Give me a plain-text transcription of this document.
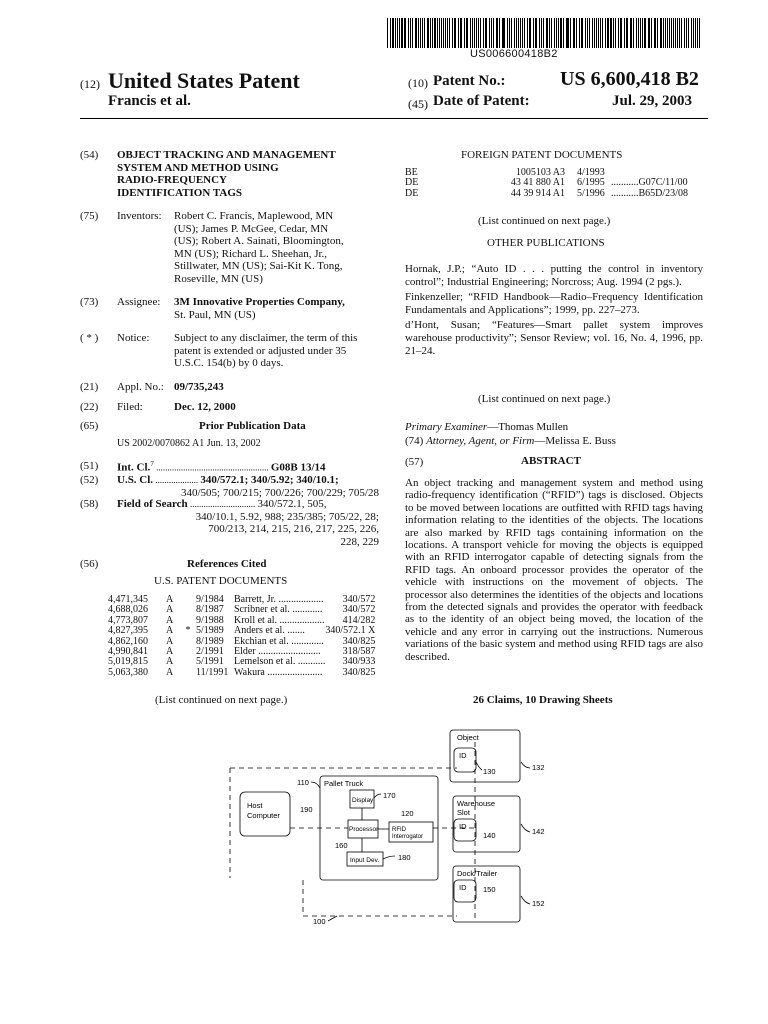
US006600418B2
(12) United States Patent
Francis et al.
(10) Patent No.:	US 6,600,418 B2
(45) Date of Patent:	Jul. 29, 2003
(54) OBJECT TRACKING AND MANAGEMENT
SYSTEM AND METHOD USING
RADIO-FREQUENCY
IDENTIFICATION TAGS
(75) Inventors: Robert C. Francis, Maplewood, MN
(US); James P. McGee, Cedar, MN
(US); Robert A. Sainati, Bloomington,
MN (US); Richard L. Sheehan, Jr.,
Stillwater, MN (US); Sai-Kit K. Tong,
Roseville, MN (US)
(73) Assignee: 3M Innovative Properties Company,
St. Paul, MN (US)
( * ) Notice: Subject to any disclaimer, the term of this
patent is extended or adjusted under 35
U.S.C. 154(b) by 0 days.
(21) Appl. No.: 09/735,243
(22) Filed:	Dec. 12, 2000
(65)	Prior Publication Data
US 2002/0070862 A1 Jun. 13, 2002
(51) Int. Cl.$^7$ .................................................. G08B 13/14
(52) U.S. Cl. ................... 340/572.1; 340/5.92; 340/10.1;
340/505; 700/215; 700/226; 700/229; 705/28
(58) Field of Search ............................. 340/572.1, 505,
340/10.1, 5.92, 988; 235/385; 705/22, 28;
700/213, 214, 215, 216, 217, 225, 226,
228, 229
(56)	References Cited
U.S. PATENT DOCUMENTS
4,471,345	A		9/1984	Barrett, Jr. ..................	340/572
4,688,026	A		8/1987	Scribner et al. ............	340/572
4,773,807	A		9/1988	Kroll et al. ..................	414/282
4,827,395	A	*	5/1989	Anders et al. .......	340/572.1 X
4,862,160	A		8/1989	Ekchian et al. .............	340/825
4,990,841	A		2/1991	Elder .........................	318/587
5,019,815	A		5/1991	Lemelson et al. ...........	340/933
5,063,380	A		11/1991	Wakura ......................	340/825
(List continued on next page.)
FOREIGN PATENT DOCUMENTS
BE	1005103 A3	4/1993		
DE	43 41 880 A1	6/1995	...........	G07C/11/00
DE	44 39 914 A1	5/1996	...........	B65D/23/08
(List continued on next page.)
OTHER PUBLICATIONS
Hornak, J.P.; “Auto ID . . . putting the control in inventory control”; Industrial Engineering; Norcross; Aug. 1994 (2 pgs.).
Finkenzeller; “RFID Handbook—Radio–Frequency Identification Fundamentals and Applications”; 1999, pp. 227–273.
d’Hont, Susan; “Features—Smart pallet system improves warehouse productivity”; Sensor Review; vol. 16, No. 4, 1996, pp. 21–24.
(List continued on next page.)
Primary Examiner—Thomas Mullen
(74) Attorney, Agent, or Firm—Melissa E. Buss
(57)	ABSTRACT
An object tracking and management system and method using radio-frequency identification (“RFID”) tags is disclosed. Objects to be moved between locations are outfitted with RFID tags having information relating to the identities of the objects. The locations are also marked by RFID tags containing information on the locations. A transport vehicle for moving the objects is equipped with an RFID interrogator capable of detecting signals from the RFID tags. An onboard processor provides the operator of the vehicle with instructions on the movement of objects. The processor also determines the identities of the objects and locations from the detected signals and provides the operator with feedback as to the identity of an object being moved, the location of the vehicle and any error in carrying out the instructions. Numerous variations of the basic system and method using RFID tags are also described.
26 Claims, 10 Drawing Sheets
Object
ID
130	132
Warehouse
Slot
ID
140	142
Dock/Trailer
ID 150
152
Pallet Truck
110
Display
170
Processor
160
RFID
Interrogator
120
Input Dev.	180
Host
Computer
190
100
